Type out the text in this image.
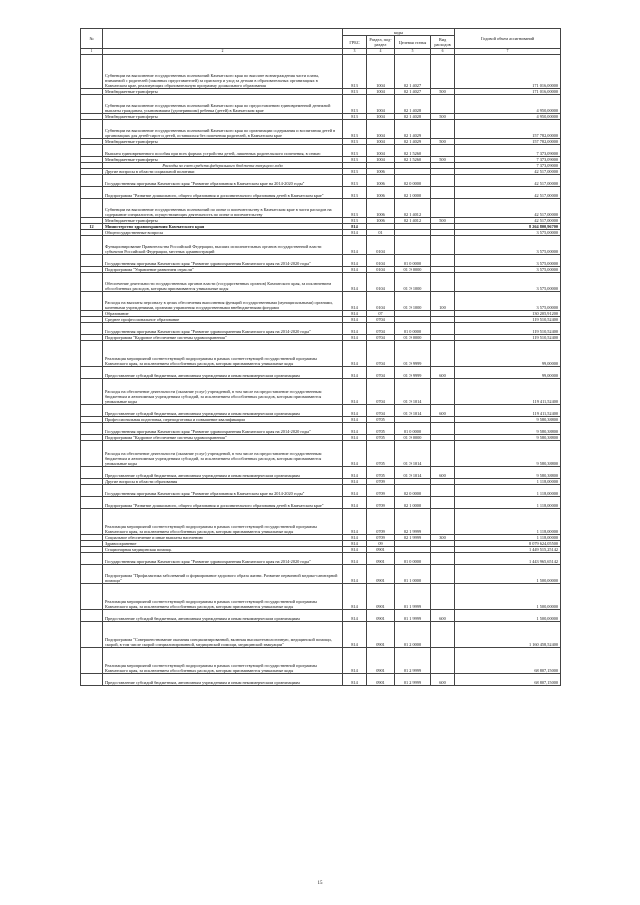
№		коды				Годовой объем ассигнований
		ГРБС	Раздел, под-раздел	Целевая статья	Вид расходов	
1	2	3	4	5	6	7
	Субвенции на выполнение государственных полномочий Камчатского края по выплате вознаграждения части платы, взимаемой с родителей (законных представителей) за присмотр и уход за детьми в образовательных организациях в Камчатском крае, реализующих образовательную программу дошкольного образования	813	1004	02 1 4027		171 016,00000
	Межбюджетные трансферты	813	1004	02 1 4027	500	171 016,00000
	Субвенции на выполнение государственных полномочий Камчатского края по предоставлению единовременной денежной выплаты гражданам, усыновившим (удочерившим) ребенка (детей) в Камчатском крае	813	1004	02 1 4028		4 950,00000
	Межбюджетные трансферты	813	1004	02 1 4028	500	4 950,00000
	Субвенции на выполнение государственных полномочий Камчатского края по организации содержания и воспитания детей в организациях для детей-сирот и детей, оставшихся без попечения родителей, в Камчатском крае	813	1004	02 1 4029		157 782,00000
	Межбюджетные трансферты	813	1004	02 1 4029	500	157 782,00000
	Выплата единовременного пособия при всех формах устройства детей, лишенных родительского попечения, в семью	813	1004	02 1 5260		7 373,09000
	Межбюджетные трансферты	813	1004	02 1 5260	500	7 373,09000
	Расходы за счет средств федерального бюджета текущего года					7 373,09000
	Другие вопросы в области социальной политики	813	1006			42 517,00000
	Государственная программа Камчатского края "Развитие образования в Камчатском крае на 2014-2020 годы"	813	1006	02 0 0000		42 517,00000
	Подпрограмма "Развитие дошкольного, общего образования и дополнительного образования детей в Камчатском крае"	813	1006	02 1 0000		42 517,00000
	Субвенции на выполнение государственных полномочий по опеке и попечительству в Камчатском крае в части расходов на содержание специалистов, осуществляющих деятельность по опеке и попечительству	813	1006	02 1 4012		42 517,00000
	Межбюджетные трансферты	813	1006	02 1 4012	500	42 517,00000
12	Министерство здравоохранения Камчатского края	814				8 264 800,96700
	Общегосударственные вопросы	814	01			3 575,00000
	Функционирование Правительства Российской Федерации, высших исполнительных органов государственной власти субъектов Российской Федерации, местных администраций	814	0104			3 575,00000
	Государственная программа Камчатского края "Развитие здравоохранения Камчатского края на 2014-2020 годы"	814	0104	01 0 0000		3 575,00000
	Подпрограмма "Управление развитием отрасли"	814	0104	01 Э 0000		3 575,00000
	Обеспечение деятельности государственных органов власти (государственных органов) Камчатского края, за исключением обособленных расходов, которым присваиваются уникальные коды	814	0104	01 Э 1000		3 575,00000
	Расходы на выплаты персоналу в целях обеспечения выполнения функций государственными (муниципальными) органами, казенными учреждениями, органами управления государственными внебюджетными фондами	814	0104	01 Э 1000	100	3 575,00000
	Образование	814	07			130 205,91200
	Среднее профессиональное образование	814	0704			119 510,52400
	Государственная программа Камчатского края "Развитие здравоохранения Камчатского края на 2014-2020 годы"	814	0704	01 0 0000		119 510,52400
	Подпрограмма "Кадровое обеспечение системы здравоохранения"	814	0704	01 Э 0000		119 510,52400
	Реализация мероприятий соответствующей подпрограммы в рамках соответствующей государственной программы Камчатского края, за исключением обособленных расходов, которым присваиваются уникальные коды	814	0704	01 Э 9999		99,00000
	Предоставление субсидий бюджетным, автономным учреждениям и иным некоммерческим организациям	814	0704	01 Э 9999	600	99,00000
	Расходы на обеспечение деятельности (оказание услуг) учреждений, в том числе на предоставление государственным бюджетным и автономным учреждениям субсидий, за исключением обособленных расходов, которым присваиваются уникальные коды	814	0704	01 Э 1014		119 411,52400
	Предоставление субсидий бюджетным, автономным учреждениям и иным некоммерческим организациям	814	0704	01 Э 1014	600	119 411,52400
	Профессиональная подготовка, переподготовка и повышение квалификации	814	0705			9 580,38800
	Государственная программа Камчатского края "Развитие здравоохранения Камчатского края на 2014-2020 годы"	814	0705	01 0 0000		9 580,38800
	Подпрограмма "Кадровое обеспечение системы здравоохранения"	814	0705	01 Э 0000		9 580,38800
	Расходы на обеспечение деятельности (оказание услуг) учреждений, в том числе на предоставление государственным бюджетным и автономным учреждениям субсидий, за исключением обособленных расходов, которым присваиваются уникальные коды	814	0705	01 Э 1014		9 580,38800
	Предоставление субсидий бюджетным, автономным учреждениям и иным некоммерческим организациям	814	0705	01 Э 1014	600	9 580,38800
	Другие вопросы в области образования	814	0709			1 118,00000
	Государственная программа Камчатского края "Развитие образования в Камчатском крае на 2014-2020 годы"	814	0709	02 0 0000		1 118,00000
	Подпрограмма "Развитие дошкольного, общего образования и дополнительного образования детей в Камчатском крае"	814	0709	02 1 0000		1 118,00000
	Реализация мероприятий соответствующей подпрограммы в рамках соответствующей государственной программы Камчатского края, за исключением обособленных расходов, которым присваиваются уникальные коды	814	0709	02 1 9999		1 118,00000
	Социальное обеспечение и иные выплаты населению	814	0709	02 1 9999	300	1 118,00000
	Здравоохранение	814	09			8 079 624,05500
	Стационарная медицинская помощь	814	0901			1 449 515,25142
	Государственная программа Камчатского края "Развитие здравоохранения Камчатского края на 2014-2020 годы"	814	0901	01 0 0000		1 443 965,65142
	Подпрограмма "Профилактика заболеваний и формирование здорового образа жизни. Развитие первичной медико-санитарной помощи"	814	0901	01 1 0000		1 500,00000
	Реализация мероприятий соответствующей подпрограммы в рамках соответствующей государственной программы Камчатского края, за исключением обособленных расходов, которым присваиваются уникальные коды	814	0901	01 1 9999		1 500,00000
	Предоставление субсидий бюджетным, автономным учреждениям и иным некоммерческим организациям	814	0901	01 1 9999	600	1 500,00000
	Подпрограмма "Совершенствование оказания специализированной, включая высокотехнологичную, медицинской помощи, скорой, в том числе скорой специализированной, медицинской помощи, медицинской эвакуации"	814	0901	01 2 0000		1 160 458,52400
	Реализация мероприятий соответствующей подпрограммы в рамках соответствующей государственной программы Камчатского края, за исключением обособленных расходов, которым присваиваются уникальные коды	814	0901	01 2 9999		68 807,15000
	Предоставление субсидий бюджетным, автономным учреждениям и иным некоммерческим организациям	814	0901	01 2 9999	600	68 807,15000
15
